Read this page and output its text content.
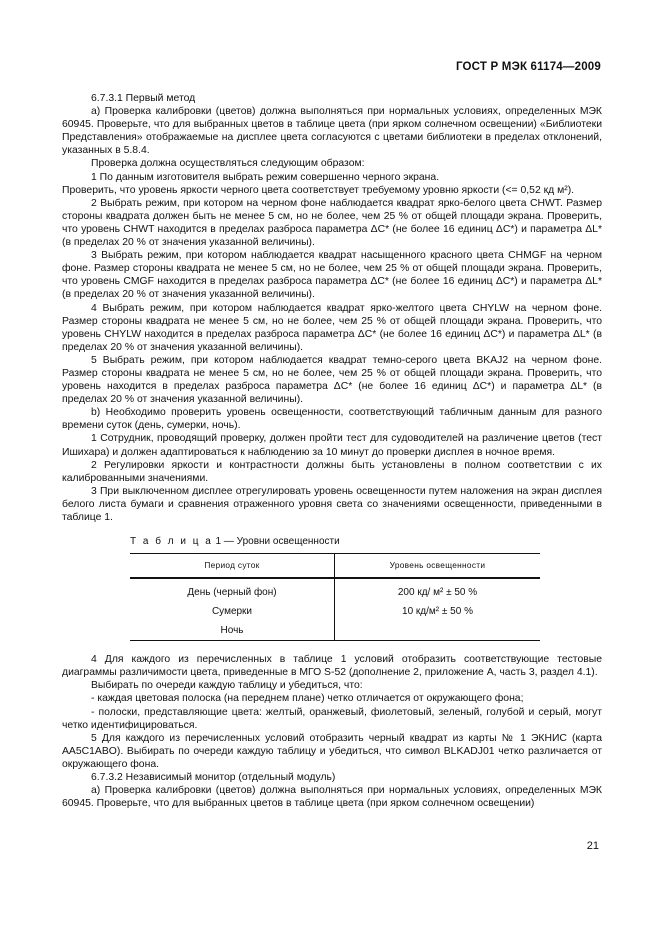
ГОСТ Р МЭК 61174—2009

6.7.3.1 Первый метод

а) Проверка калибровки (цветов) должна выполняться при нормальных условиях, определенных МЭК 60945. Проверьте, что для выбранных цветов в таблице цвета (при ярком солнечном освещении) «Библиотеки Представления» отображаемые на дисплее цвета согласуются с цветами библиотеки в пределах отклонений, указанных в 5.8.4.

Проверка должна осуществляться следующим образом:

1 По данным изготовителя выбрать режим совершенно черного экрана.

Проверить, что уровень яркости черного цвета соответствует требуемому уровню яркости (<= 0,52 кд м²).

2 Выбрать режим, при котором на черном фоне наблюдается квадрат ярко-белого цвета CHWT. Размер стороны квадрата должен быть не менее 5 см, но не более, чем 25 % от общей площади экрана. Проверить, что уровень CHWT находится в пределах разброса параметра ΔC* (не более 16 единиц ΔC*) и параметра ΔL* (в пределах 20 % от значения указанной величины).

3 Выбрать режим, при котором наблюдается квадрат насыщенного красного цвета CHMGF на черном фоне. Размер стороны квадрата не менее 5 см, но не более, чем 25 % от общей площади экрана. Проверить, что уровень CMGF находится в пределах разброса параметра ΔC* (не более 16 единиц ΔC*) и параметра ΔL* (в пределах 20 % от значения указанной величины).

4 Выбрать режим, при котором наблюдается квадрат ярко-желтого цвета CHYLW на черном фоне. Размер стороны квадрата не менее 5 см, но не более, чем 25 % от общей площади экрана. Проверить, что уровень CHYLW находится в пределах разброса параметра ΔC* (не более 16 единиц ΔC*) и параметра ΔL* (в пределах 20 % от значения указанной величины).

5 Выбрать режим, при котором наблюдается квадрат темно-серого цвета BKAJ2 на черном фоне. Размер стороны квадрата не менее 5 см, но не более, чем 25 % от общей площади экрана. Проверить, что уровень находится в пределах разброса параметра ΔC* (не более 16 единиц ΔC*) и параметра ΔL* (в пределах 20 % от значения указанной величины).

b) Необходимо проверить уровень освещенности, соответствующий табличным данным для разного времени суток (день, сумерки, ночь).

1 Сотрудник, проводящий проверку, должен пройти тест для судоводителей на различение цветов (тест Ишихара) и должен адаптироваться к наблюдению за 10 минут до проверки дисплея в ночное время.

2 Регулировки яркости и контрастности должны быть установлены в полном соответствии с их калиброванными значениями.

3 При выключенном дисплее отрегулировать уровень освещенности путем наложения на экран дисплея белого листа бумаги и сравнения отраженного уровня света со значениями освещенности, приведенными в таблице 1.

Т а б л и ц а 1 — Уровни освещенности
Период суток	Уровень освещенности
День (черный фон)	200 кд/ м² ± 50 %
Сумерки	10 кд/м² ± 50 %
Ночь	

4 Для каждого из перечисленных в таблице 1 условий отобразить соответствующие тестовые диаграммы различимости цвета, приведенные в МГО S-52 (дополнение 2, приложение А, часть 3, раздел 4.1).

Выбирать по очереди каждую таблицу и убедиться, что:

- каждая цветовая полоска (на переднем плане) четко отличается от окружающего фона;

- полоски, представляющие цвета: желтый, оранжевый, фиолетовый, зеленый, голубой и серый, могут четко идентифицироваться.

5 Для каждого из перечисленных условий отобразить черный квадрат из карты № 1 ЭКНИС (карта AA5C1ABO). Выбирать по очереди каждую таблицу и убедиться, что символ BLKADJ01 четко различается от окружающего фона.

6.7.3.2 Независимый монитор (отдельный модуль)

а) Проверка калибровки (цветов) должна выполняться при нормальных условиях, определенных МЭК 60945. Проверьте, что для выбранных цветов в таблице цвета (при ярком солнечном освещении)

21
